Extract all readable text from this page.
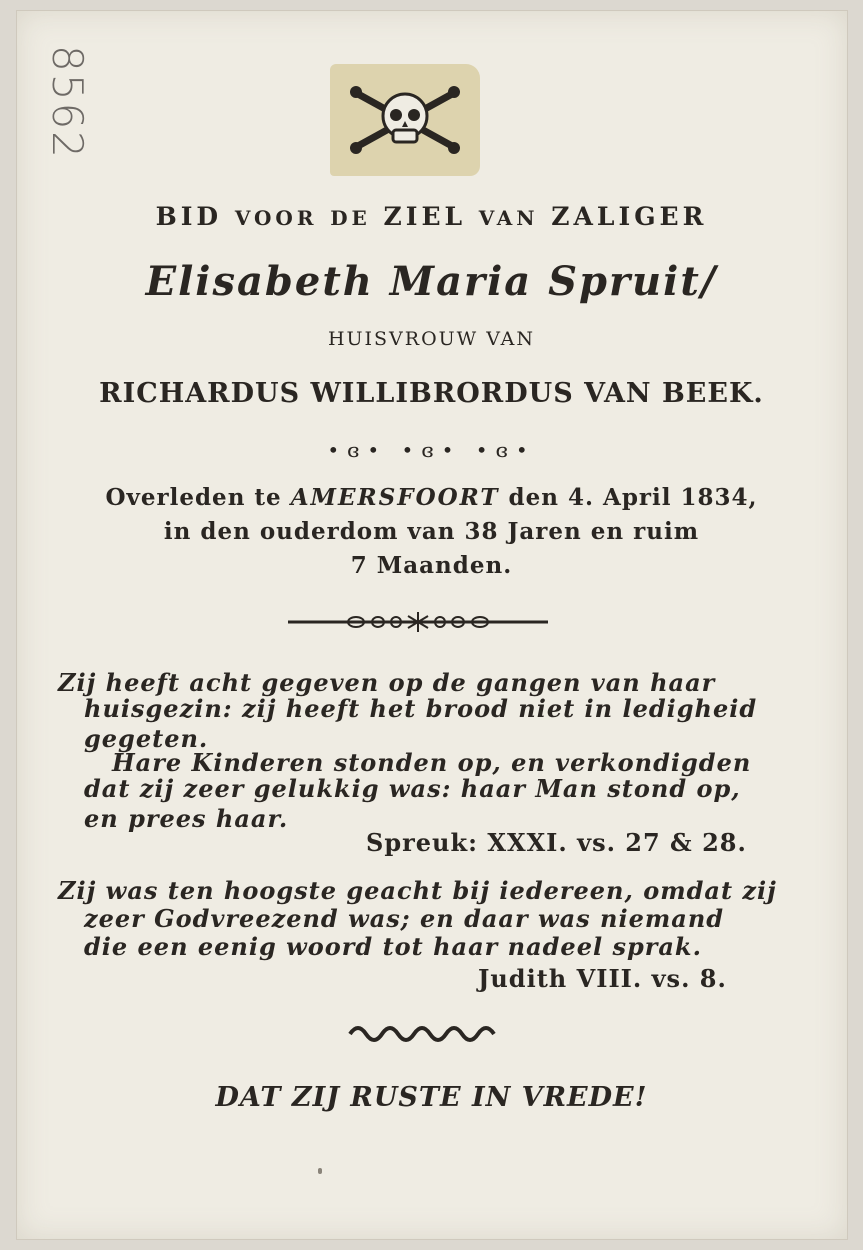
8562
BID VOOR DE ZIEL VAN ZALIGER
Elisabeth Maria Spruit/
HUISVROUW VAN
RICHARDUS WILLIBRORDUS VAN BEEK.
•ɞ• •ɞ• •ɞ•
Overleden te AMERSFOORT den 4. April 1834,
in den ouderdom van 38 Jaren en ruim
7 Maanden.
Zij heeft acht gegeven op de gangen van haar
huisgezin: zij heeft het brood niet in ledigheid
gegeten.
Hare Kinderen stonden op, en verkondigden
dat zij zeer gelukkig was: haar Man stond op,
en prees haar.
Spreuk: XXXI. vs. 27 & 28.
Zij was ten hoogste geacht bij iedereen, omdat zij
zeer Godvreezend was; en daar was niemand
die een eenig woord tot haar nadeel sprak.
Judith VIII. vs. 8.
DAT ZIJ RUSTE IN VREDE!
